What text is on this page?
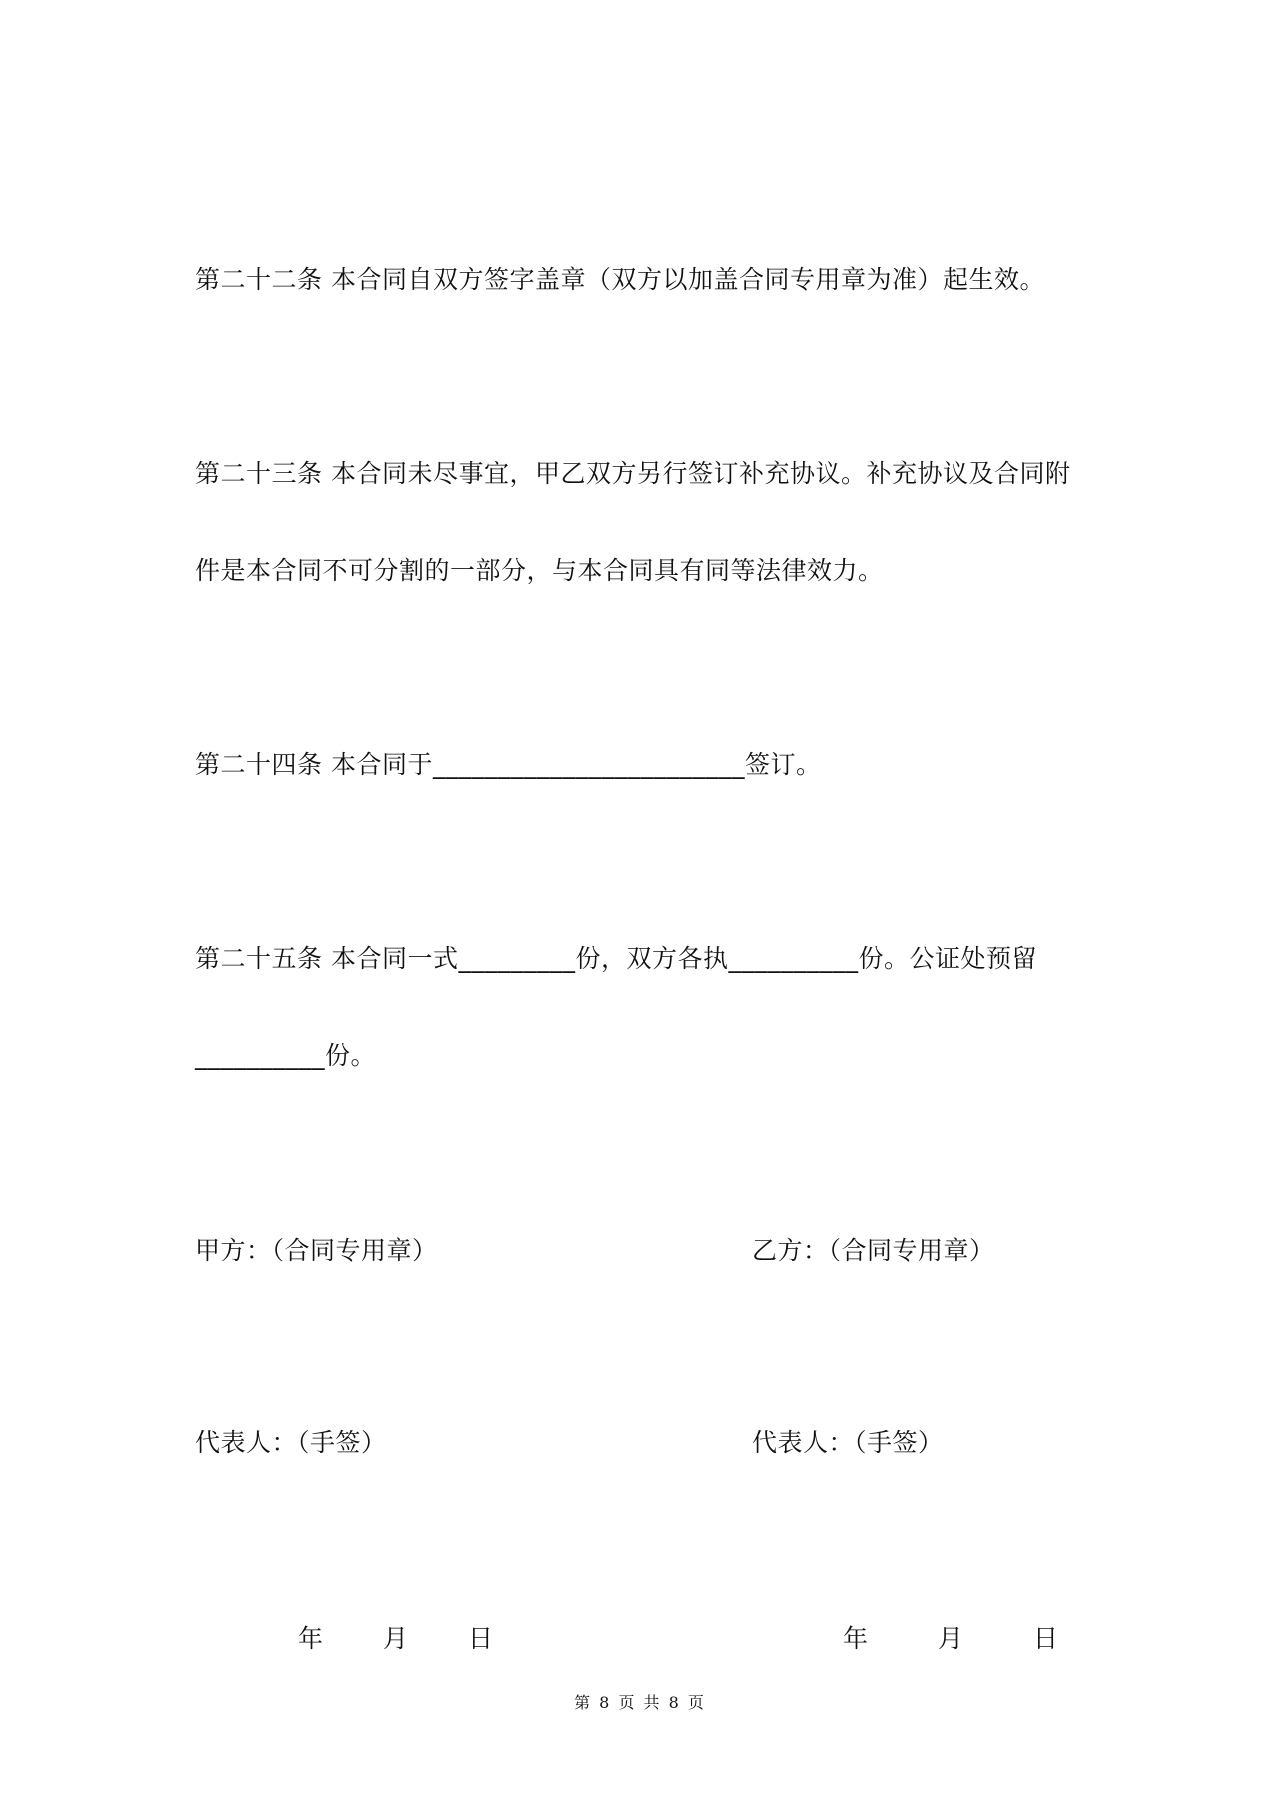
第二十二条 本合同自双方签字盖章（双方以加盖合同专用章为准）起生效。
第二十三条 本合同未尽事宜，甲乙双方另行签订补充协议。补充协议及合同附
件是本合同不可分割的一部分，与本合同具有同等法律效力。
第二十四条 本合同于________________________签订。
第二十五条 本合同一式_________份，双方各执__________份。公证处预留
__________份。
甲方：（合同专用章）	乙方：（合同专用章）
代表人：（手签）	代表人：（手签）
年 月 日	年	月	日
第 8 页 共 8 页
